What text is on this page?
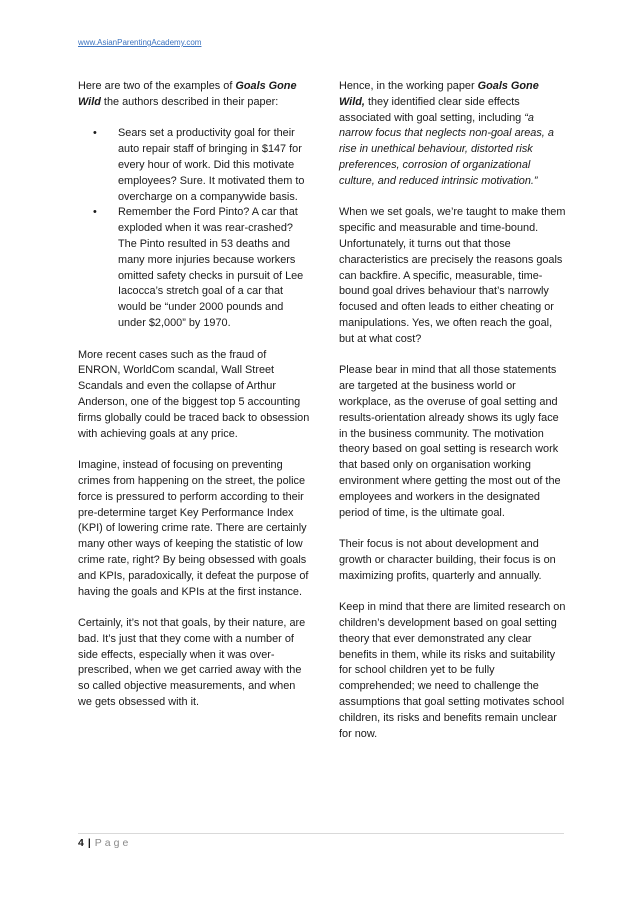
www.AsianParentingAcademy.com

Here are two of the examples of Goals Gone Wild the authors described in their paper:

• Sears set a productivity goal for their auto repair staff of bringing in $147 for every hour of work. Did this motivate employees? Sure. It motivated them to overcharge on a companywide basis.
• Remember the Ford Pinto? A car that exploded when it was rear-crashed? The Pinto resulted in 53 deaths and many more injuries because workers omitted safety checks in pursuit of Lee Iacocca’s stretch goal of a car that would be “under 2000 pounds and under $2,000” by 1970.

More recent cases such as the fraud of ENRON, WorldCom scandal, Wall Street Scandals and even the collapse of Arthur Anderson, one of the biggest top 5 accounting firms globally could be traced back to obsession with achieving goals at any price.

Imagine, instead of focusing on preventing crimes from happening on the street, the police force is pressured to perform according to their pre-determine target Key Performance Index (KPI) of lowering crime rate. There are certainly many other ways of keeping the statistic of low crime rate, right? By being obsessed with goals and KPIs, paradoxically, it defeat the purpose of having the goals and KPIs at the first instance.

Certainly, it’s not that goals, by their nature, are bad. It’s just that they come with a number of side effects, especially when it was over-prescribed, when we get carried away with the so called objective measurements, and when we gets obsessed with it.

Hence, in the working paper Goals Gone Wild, they identified clear side effects associated with goal setting, including “a narrow focus that neglects non-goal areas, a rise in unethical behaviour, distorted risk preferences, corrosion of organizational culture, and reduced intrinsic motivation.”

When we set goals, we’re taught to make them specific and measurable and time-bound. Unfortunately, it turns out that those characteristics are precisely the reasons goals can backfire. A specific, measurable, time-bound goal drives behaviour that’s narrowly focused and often leads to either cheating or manipulations. Yes, we often reach the goal, but at what cost?

Please bear in mind that all those statements are targeted at the business world or workplace, as the overuse of goal setting and results-orientation already shows its ugly face in the business community. The motivation theory based on goal setting is research work that based only on organisation working environment where getting the most out of the employees and workers in the designated period of time, is the ultimate goal.

Their focus is not about development and growth or character building, their focus is on maximizing profits, quarterly and annually.

Keep in mind that there are limited research on children’s development based on goal setting theory that ever demonstrated any clear benefits in them, while its risks and suitability for school children yet to be fully comprehended; we need to challenge the assumptions that goal setting motivates school children, its risks and benefits remain unclear for now.

4 | Page
